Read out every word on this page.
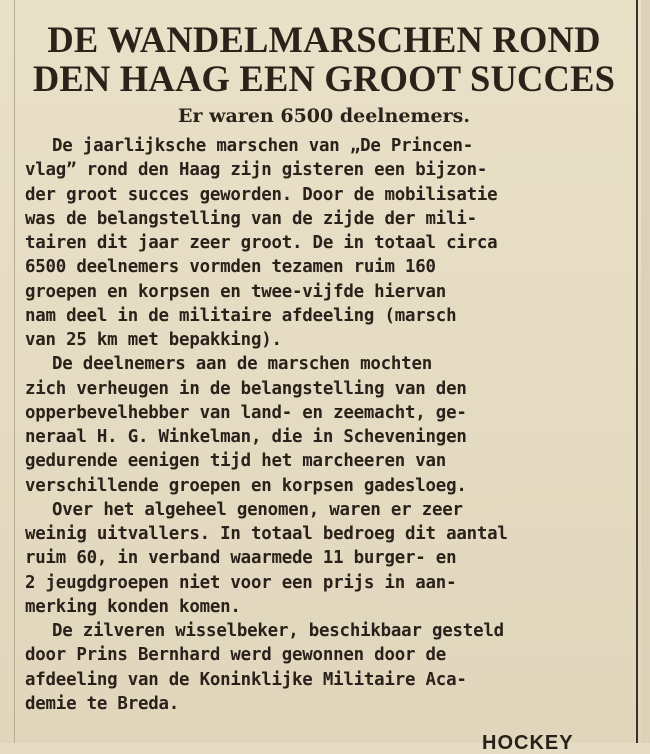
DE WANDELMARSCHEN ROND
DEN HAAG EEN GROOT SUCCES
Er waren 6500 deelnemers.
De jaarlijksche marschen van „De Princen-
vlag” rond den Haag zijn gisteren een bijzon-
der groot succes geworden. Door de mobilisatie
was de belangstelling van de zijde der mili-
tairen dit jaar zeer groot. De in totaal circa
6500 deelnemers vormden tezamen ruim 160
groepen en korpsen en twee-vijfde hiervan
nam deel in de militaire afdeeling (marsch
van 25 km met bepakking).
De deelnemers aan de marschen mochten
zich verheugen in de belangstelling van den
opperbevelhebber van land- en zeemacht, ge-
neraal H. G. Winkelman, die in Scheveningen
gedurende eenigen tijd het marcheeren van
verschillende groepen en korpsen gadesloeg.
Over het algeheel genomen, waren er zeer
weinig uitvallers. In totaal bedroeg dit aantal
ruim 60, in verband waarmede 11 burger- en
2 jeugdgroepen niet voor een prijs in aan-
merking konden komen.
De zilveren wisselbeker, beschikbaar gesteld
door Prins Bernhard werd gewonnen door de
afdeeling van de Koninklijke Militaire Aca-
demie te Breda.
HOCKEY
